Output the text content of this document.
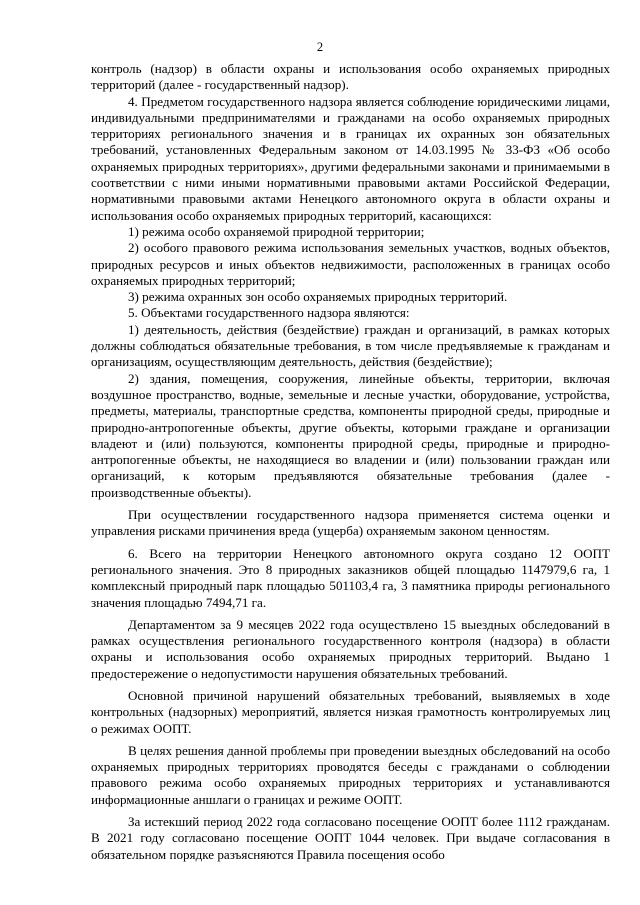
2

контроль (надзор) в области охраны и использования особо охраняемых природных территорий (далее - государственный надзор).

4. Предметом государственного надзора является соблюдение юридическими лицами, индивидуальными предпринимателями и гражданами на особо охраняемых природных территориях регионального значения и в границах их охранных зон обязательных требований, установленных Федеральным законом от 14.03.1995 № 33-ФЗ «Об особо охраняемых природных территориях», другими федеральными законами и принимаемыми в соответствии с ними иными нормативными правовыми актами Российской Федерации, нормативными правовыми актами Ненецкого автономного округа в области охраны и использования особо охраняемых природных территорий, касающихся:

1) режима особо охраняемой природной территории;

2) особого правового режима использования земельных участков, водных объектов, природных ресурсов и иных объектов недвижимости, расположенных в границах особо охраняемых природных территорий;

3) режима охранных зон особо охраняемых природных территорий.

5. Объектами государственного надзора являются:

1) деятельность, действия (бездействие) граждан и организаций, в рамках которых должны соблюдаться обязательные требования, в том числе предъявляемые к гражданам и организациям, осуществляющим деятельность, действия (бездействие);

2) здания, помещения, сооружения, линейные объекты, территории, включая воздушное пространство, водные, земельные и лесные участки, оборудование, устройства, предметы, материалы, транспортные средства, компоненты природной среды, природные и природно-антропогенные объекты, другие объекты, которыми граждане и организации владеют и (или) пользуются, компоненты природной среды, природные и природно-антропогенные объекты, не находящиеся во владении и (или) пользовании граждан или организаций, к которым предъявляются обязательные требования (далее - производственные объекты).

При осуществлении государственного надзора применяется система оценки и управления рисками причинения вреда (ущерба) охраняемым законом ценностям.

6. Всего на территории Ненецкого автономного округа создано 12 ООПТ регионального значения. Это 8 природных заказников общей площадью 1147979,6 га, 1 комплексный природный парк площадью 501103,4 га, 3 памятника природы регионального значения площадью 7494,71 га.

Департаментом за 9 месяцев 2022 года осуществлено 15 выездных обследований в рамках осуществления регионального государственного контроля (надзора) в области охраны и использования особо охраняемых природных территорий. Выдано 1 предостережение о недопустимости нарушения обязательных требований.

Основной причиной нарушений обязательных требований, выявляемых в ходе контрольных (надзорных) мероприятий, является низкая грамотность контролируемых лиц о режимах ООПТ.

В целях решения данной проблемы при проведении выездных обследований на особо охраняемых природных территориях проводятся беседы с гражданами о соблюдении правового режима особо охраняемых природных территориях и устанавливаются информационные аншлаги о границах и режиме ООПТ.

За истекший период 2022 года согласовано посещение ООПТ более 1112 гражданам. В 2021 году согласовано посещение ООПТ 1044 человек. При выдаче согласования в обязательном порядке разъясняются Правила посещения особо
